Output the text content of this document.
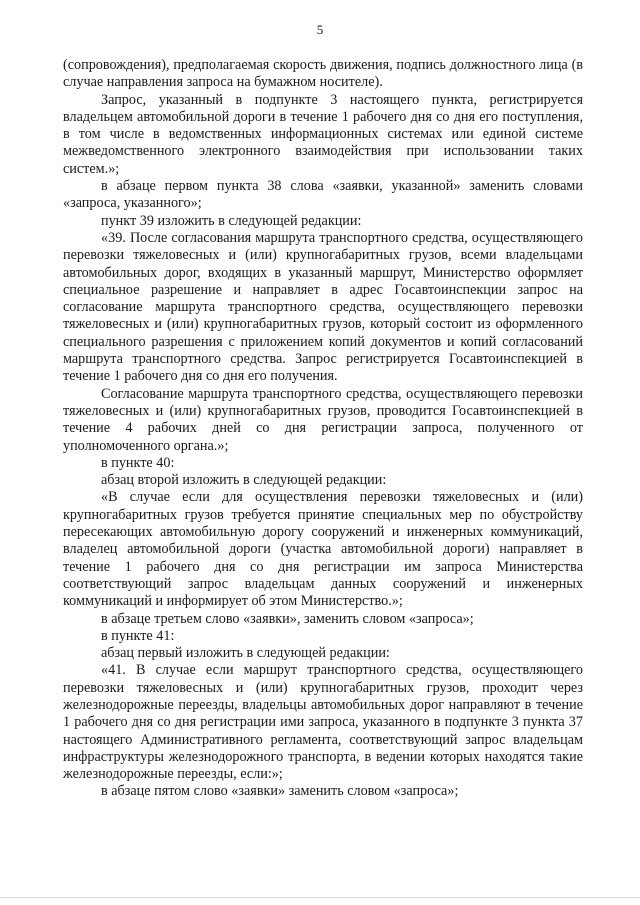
5

(сопровождения), предполагаемая скорость движения, подпись должностного лица (в случае направления запроса на бумажном носителе).

Запрос, указанный в подпункте 3 настоящего пункта, регистрируется владельцем автомобильной дороги в течение 1 рабочего дня со дня его поступления, в том числе в ведомственных информационных системах или единой системе межведомственного электронного взаимодействия при использовании таких систем.»;

в абзаце первом пункта 38 слова «заявки, указанной» заменить словами «запроса, указанного»;

пункт 39 изложить в следующей редакции:

«39. После согласования маршрута транспортного средства, осуществляющего перевозки тяжеловесных и (или) крупногабаритных грузов, всеми владельцами автомобильных дорог, входящих в указанный маршрут, Министерство оформляет специальное разрешение и направляет в адрес Госавтоинспекции запрос на согласование маршрута транспортного средства, осуществляющего перевозки тяжеловесных и (или) крупногабаритных грузов, который состоит из оформленного специального разрешения с приложением копий документов и копий согласований маршрута транспортного средства. Запрос регистрируется Госавтоинспекцией в течение 1 рабочего дня со дня его получения.

Согласование маршрута транспортного средства, осуществляющего перевозки тяжеловесных и (или) крупногабаритных грузов, проводится Госавтоинспекцией в течение 4 рабочих дней со дня регистрации запроса, полученного от уполномоченного органа.»;

в пункте 40:

абзац второй изложить в следующей редакции:

«В случае если для осуществления перевозки тяжеловесных и (или) крупногабаритных грузов требуется принятие специальных мер по обустройству пересекающих автомобильную дорогу сооружений и инженерных коммуникаций, владелец автомобильной дороги (участка автомобильной дороги) направляет в течение 1 рабочего дня со дня регистрации им запроса Министерства соответствующий запрос владельцам данных сооружений и инженерных коммуникаций и информирует об этом Министерство.»;

в абзаце третьем слово «заявки», заменить словом «запроса»;

в пункте 41:

абзац первый изложить в следующей редакции:

«41. В случае если маршрут транспортного средства, осуществляющего перевозки тяжеловесных и (или) крупногабаритных грузов, проходит через железнодорожные переезды, владельцы автомобильных дорог направляют в течение 1 рабочего дня со дня регистрации ими запроса, указанного в подпункте 3 пункта 37 настоящего Административного регламента, соответствующий запрос владельцам инфраструктуры железнодорожного транспорта, в ведении которых находятся такие железнодорожные переезды, если:»;

в абзаце пятом слово «заявки» заменить словом «запроса»;
